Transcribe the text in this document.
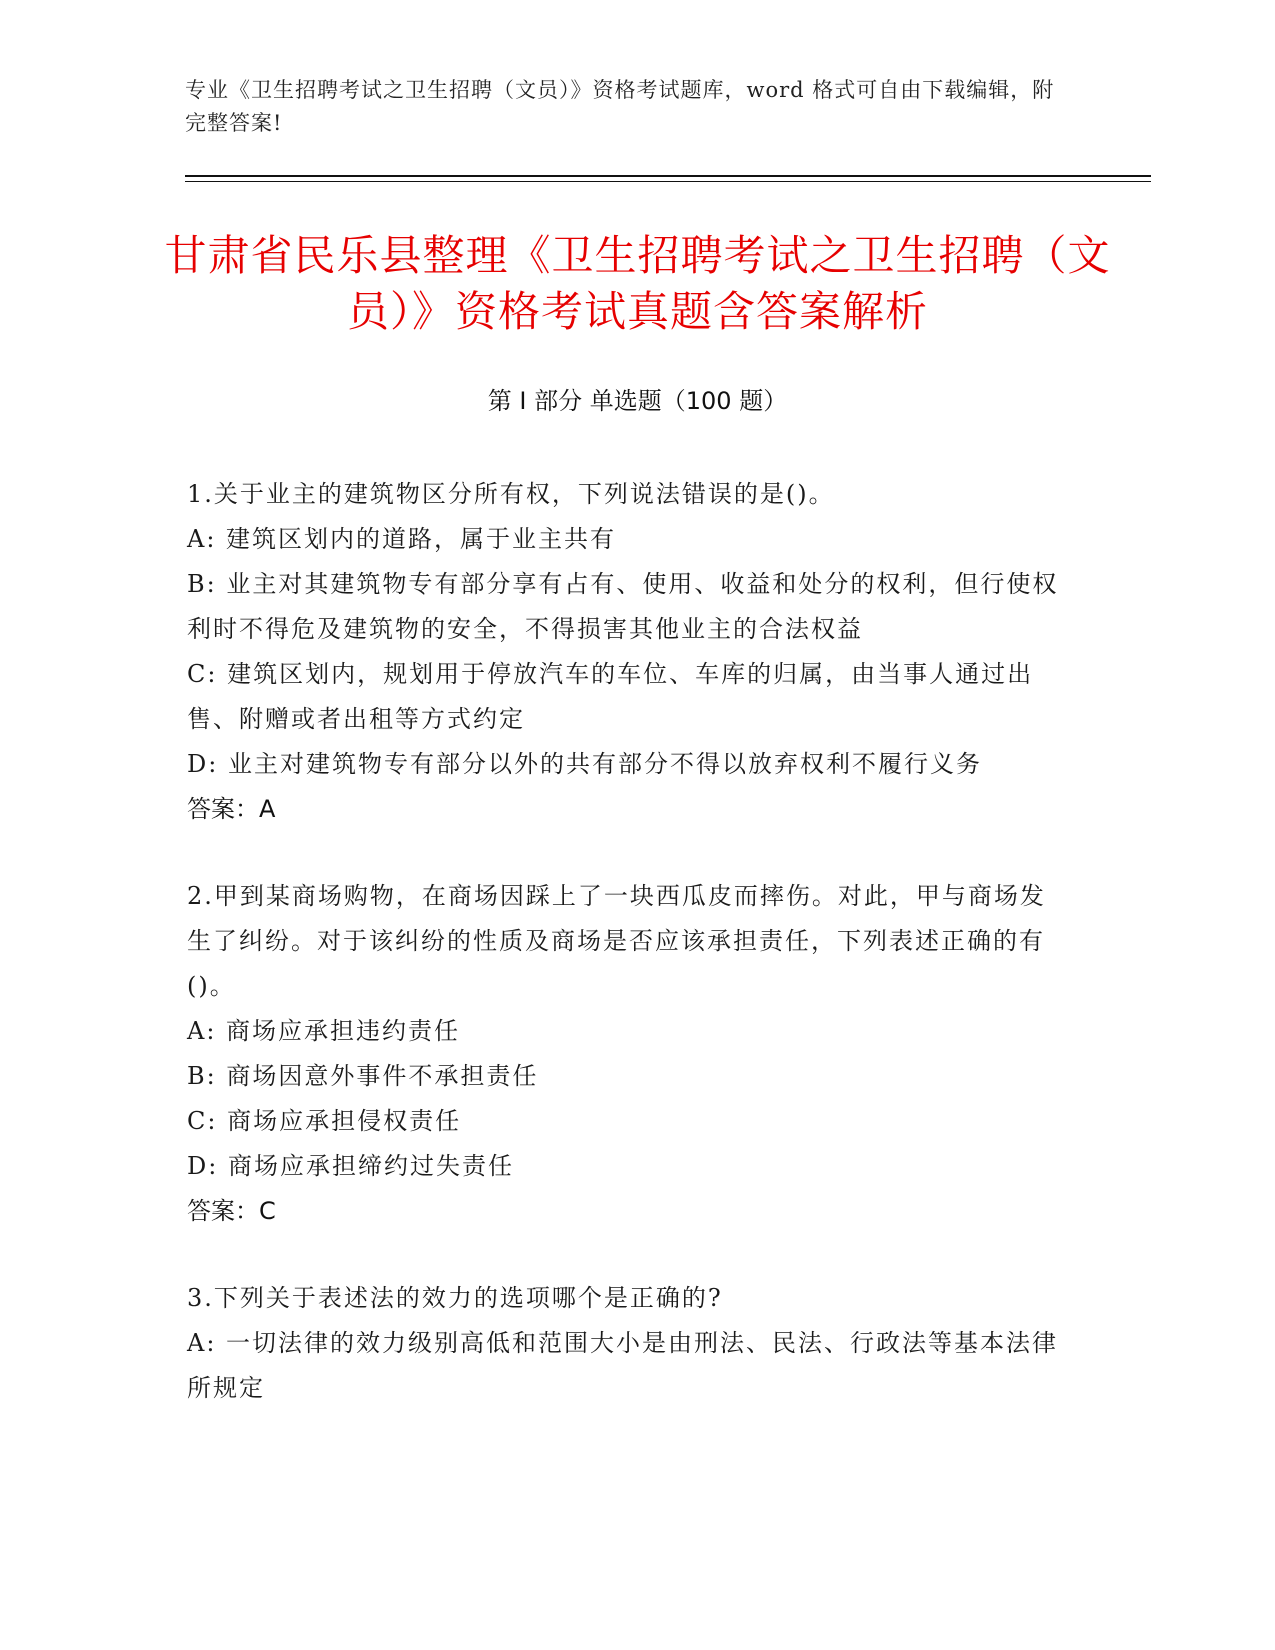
专业《卫生招聘考试之卫生招聘（文员）》资格考试题库，word 格式可自由下载编辑，附完整答案!
甘肃省民乐县整理《卫生招聘考试之卫生招聘（文员）》资格考试真题含答案解析
第 I 部分 单选题（100 题）

1.关于业主的建筑物区分所有权，下列说法错误的是()。

A: 建筑区划内的道路，属于业主共有

B: 业主对其建筑物专有部分享有占有、使用、收益和处分的权利，但行使权利时不得危及建筑物的安全，不得损害其他业主的合法权益

C: 建筑区划内，规划用于停放汽车的车位、车库的归属，由当事人通过出售、附赠或者出租等方式约定

D: 业主对建筑物专有部分以外的共有部分不得以放弃权利不履行义务

答案：A

2.甲到某商场购物，在商场因踩上了一块西瓜皮而摔伤。对此，甲与商场发生了纠纷。对于该纠纷的性质及商场是否应该承担责任，下列表述正确的有()。

A: 商场应承担违约责任

B: 商场因意外事件不承担责任

C: 商场应承担侵权责任

D: 商场应承担缔约过失责任

答案：C

3.下列关于表述法的效力的选项哪个是正确的?

A: 一切法律的效力级别高低和范围大小是由刑法、民法、行政法等基本法律所规定
